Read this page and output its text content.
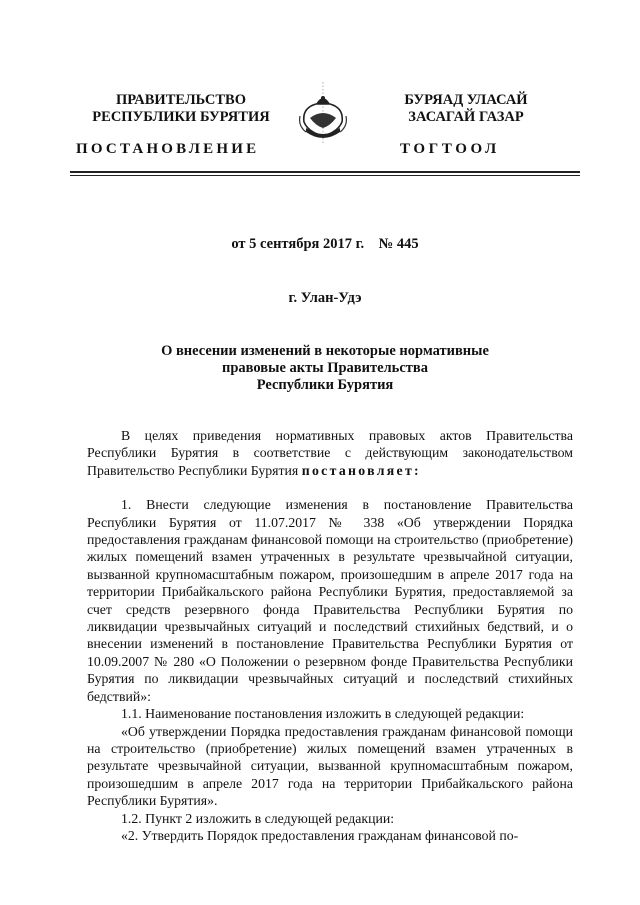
ПРАВИТЕЛЬСТВО
РЕСПУБЛИКИ БУРЯТИЯ
БУРЯАД УЛАСАЙ
ЗАСАГАЙ ГАЗАР
ПОСТАНОВЛЕНИЕ	ТОГТООЛ
от 5 сентября 2017 г.    № 445
г. Улан-Удэ
О внесении изменений в некоторые нормативные
правовые акты Правительства
Республики Бурятия

В целях приведения нормативных правовых актов Правительства Республики Бурятия в соответствие с действующим законодательством Правительство Республики Бурятия постановляет:

1. Внести следующие изменения в постановление Правительства Республики Бурятия от 11.07.2017 № 338 «Об утверждении Порядка предоставления гражданам финансовой помощи на строительство (приобретение) жилых помещений взамен утраченных в результате чрезвычайной ситуации, вызванной крупномасштабным пожаром, произошедшим в апреле 2017 года на территории Прибайкальского района Республики Бурятия, предоставляемой за счет средств резервного фонда Правительства Республики Бурятия по ликвидации чрезвычайных ситуаций и последствий стихийных бедствий, и о внесении изменений в постановление Правительства Республики Бурятия от 10.09.2007 № 280 «О Положении о резервном фонде Правительства Республики Бурятия по ликвидации чрезвычайных ситуаций и последствий стихийных бедствий»:

1.1. Наименование постановления изложить в следующей редакции:

«Об утверждении Порядка предоставления гражданам финансовой помощи на строительство (приобретение) жилых помещений взамен утраченных в результате чрезвычайной ситуации, вызванной крупномасштабным пожаром, произошедшим в апреле 2017 года на территории Прибайкальского района Республики Бурятия».

1.2. Пункт 2 изложить в следующей редакции:

«2. Утвердить Порядок предоставления гражданам финансовой по-
